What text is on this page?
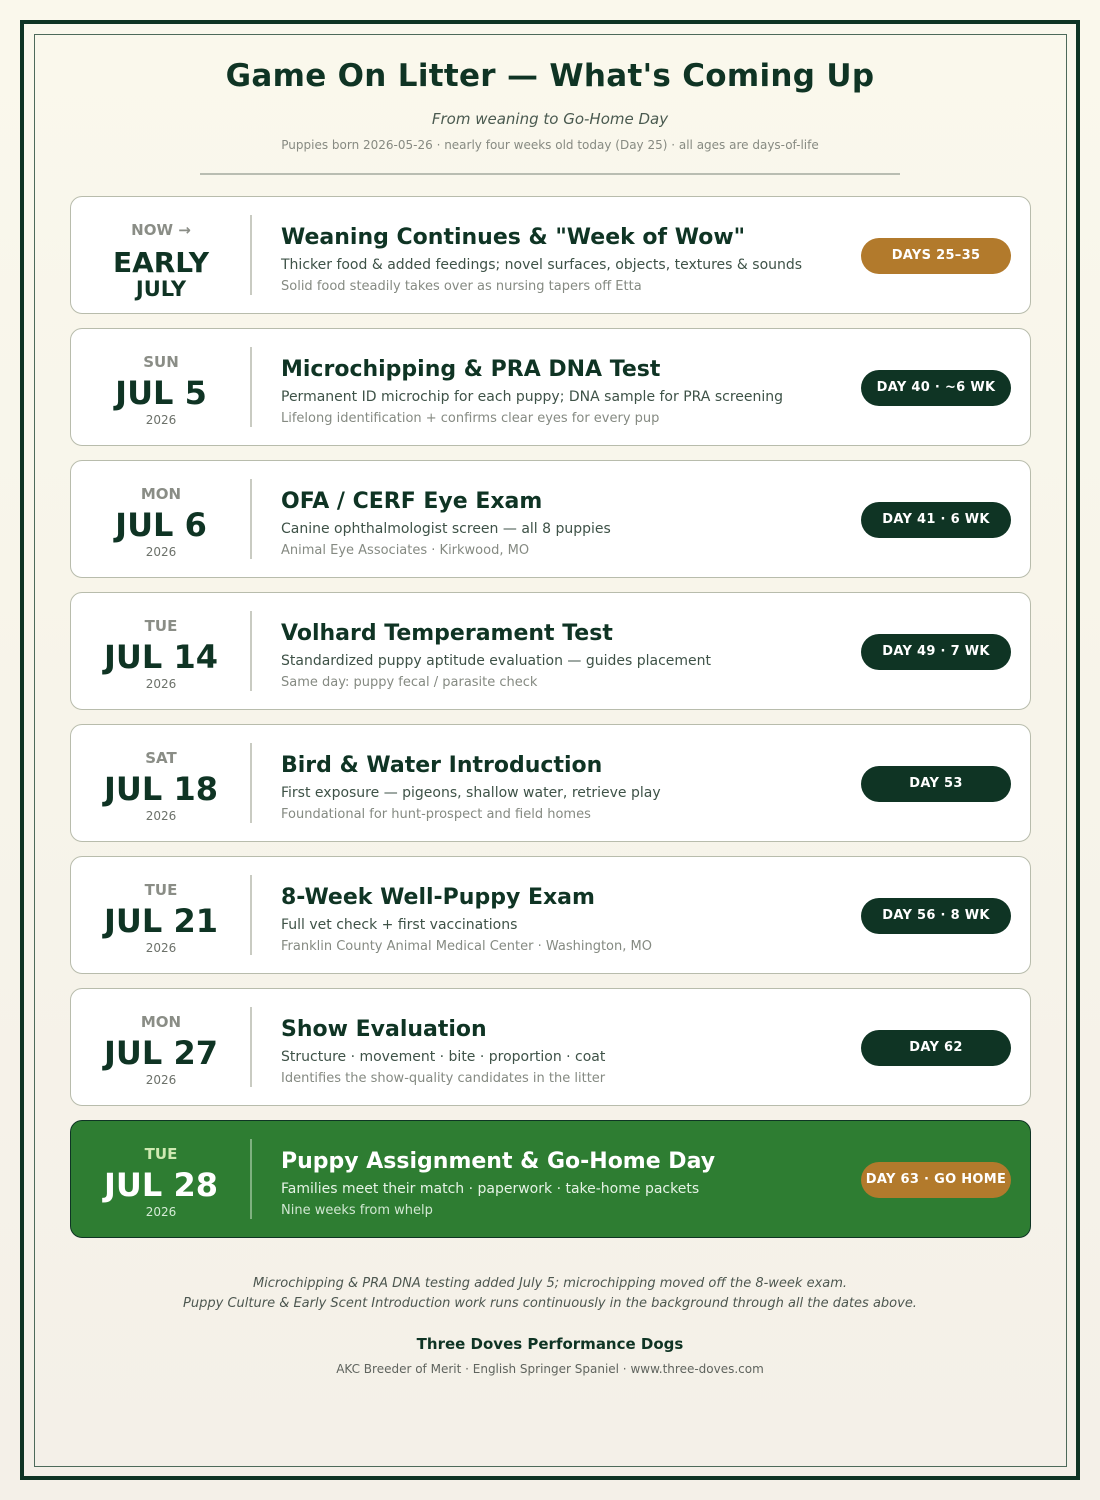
Game On Litter — What's Coming Up
From weaning to Go-Home Day
Puppies born 2026-05-26 · nearly four weeks old today (Day 25) · all ages are days-of-life
NOW →
EARLY
JULY
Weaning Continues & "Week of Wow"
Thicker food & added feedings; novel surfaces, objects, textures & sounds
Solid food steadily takes over as nursing tapers off Etta
DAYS 25–35
SUN
JUL 5
2026
Microchipping & PRA DNA Test
Permanent ID microchip for each puppy; DNA sample for PRA screening
Lifelong identification + confirms clear eyes for every pup
DAY 40 · ~6 WK
MON
JUL 6
2026
OFA / CERF Eye Exam
Canine ophthalmologist screen — all 8 puppies
Animal Eye Associates · Kirkwood, MO
DAY 41 · 6 WK
TUE
JUL 14
2026
Volhard Temperament Test
Standardized puppy aptitude evaluation — guides placement
Same day: puppy fecal / parasite check
DAY 49 · 7 WK
SAT
JUL 18
2026
Bird & Water Introduction
First exposure — pigeons, shallow water, retrieve play
Foundational for hunt-prospect and field homes
DAY 53
TUE
JUL 21
2026
8-Week Well-Puppy Exam
Full vet check + first vaccinations
Franklin County Animal Medical Center · Washington, MO
DAY 56 · 8 WK
MON
JUL 27
2026
Show Evaluation
Structure · movement · bite · proportion · coat
Identifies the show-quality candidates in the litter
DAY 62
TUE
JUL 28
2026
Puppy Assignment & Go-Home Day
Families meet their match · paperwork · take-home packets
Nine weeks from whelp
DAY 63 · GO HOME
Microchipping & PRA DNA testing added July 5; microchipping moved off the 8-week exam.
Puppy Culture & Early Scent Introduction work runs continuously in the background through all the dates above.
Three Doves Performance Dogs
AKC Breeder of Merit · English Springer Spaniel · www.three-doves.com
